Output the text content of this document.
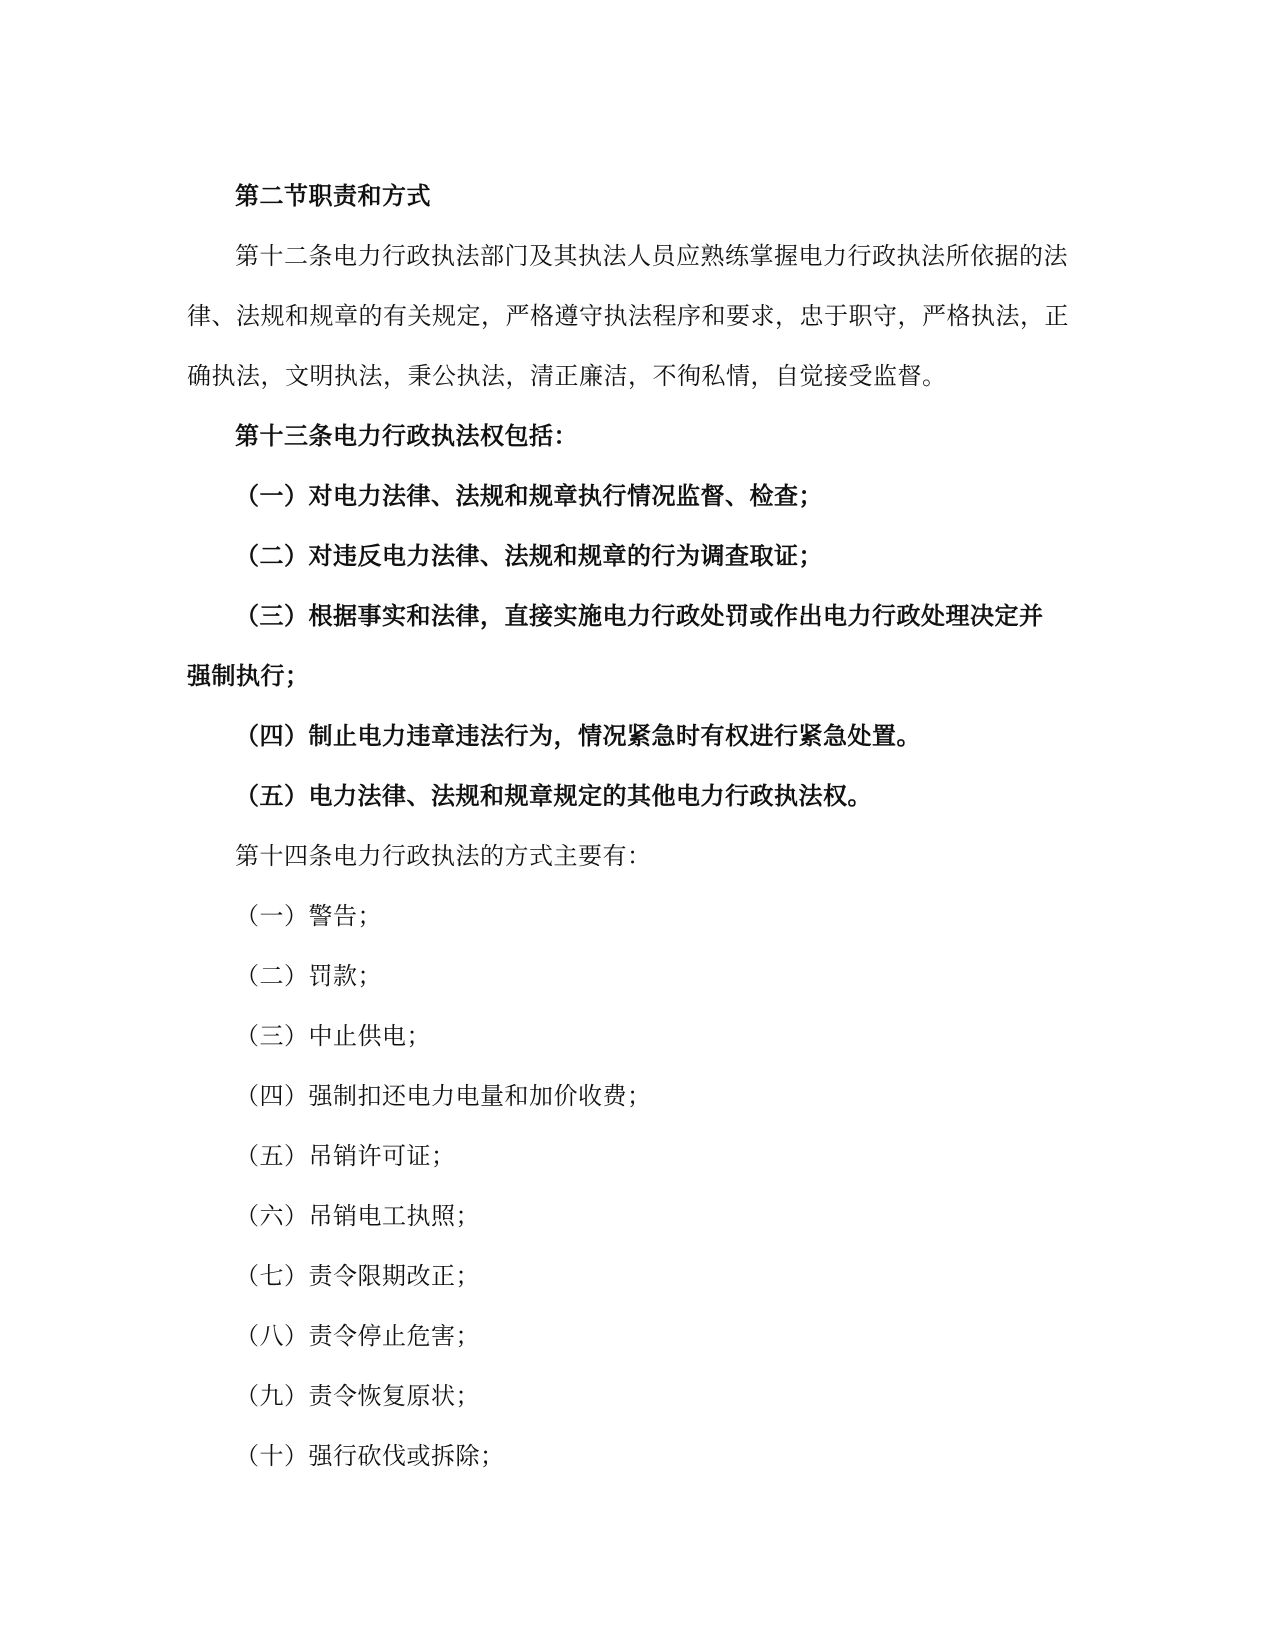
第二节职责和方式
第十二条电力行政执法部门及其执法人员应熟练掌握电力行政执法所依据的法
律、法规和规章的有关规定，严格遵守执法程序和要求，忠于职守，严格执法，正
确执法，文明执法，秉公执法，清正廉洁，不徇私情，自觉接受监督。
第十三条电力行政执法权包括：
（一）对电力法律、法规和规章执行情况监督、检查；
（二）对违反电力法律、法规和规章的行为调查取证；
（三）根据事实和法律，直接实施电力行政处罚或作出电力行政处理决定并
强制执行；
（四）制止电力违章违法行为，情况紧急时有权进行紧急处置。
（五）电力法律、法规和规章规定的其他电力行政执法权。
第十四条电力行政执法的方式主要有：
（一）警告；
（二）罚款；
（三）中止供电；
（四）强制扣还电力电量和加价收费；
（五）吊销许可证；
（六）吊销电工执照；
（七）责令限期改正；
（八）责令停止危害；
（九）责令恢复原状；
（十）强行砍伐或拆除；
